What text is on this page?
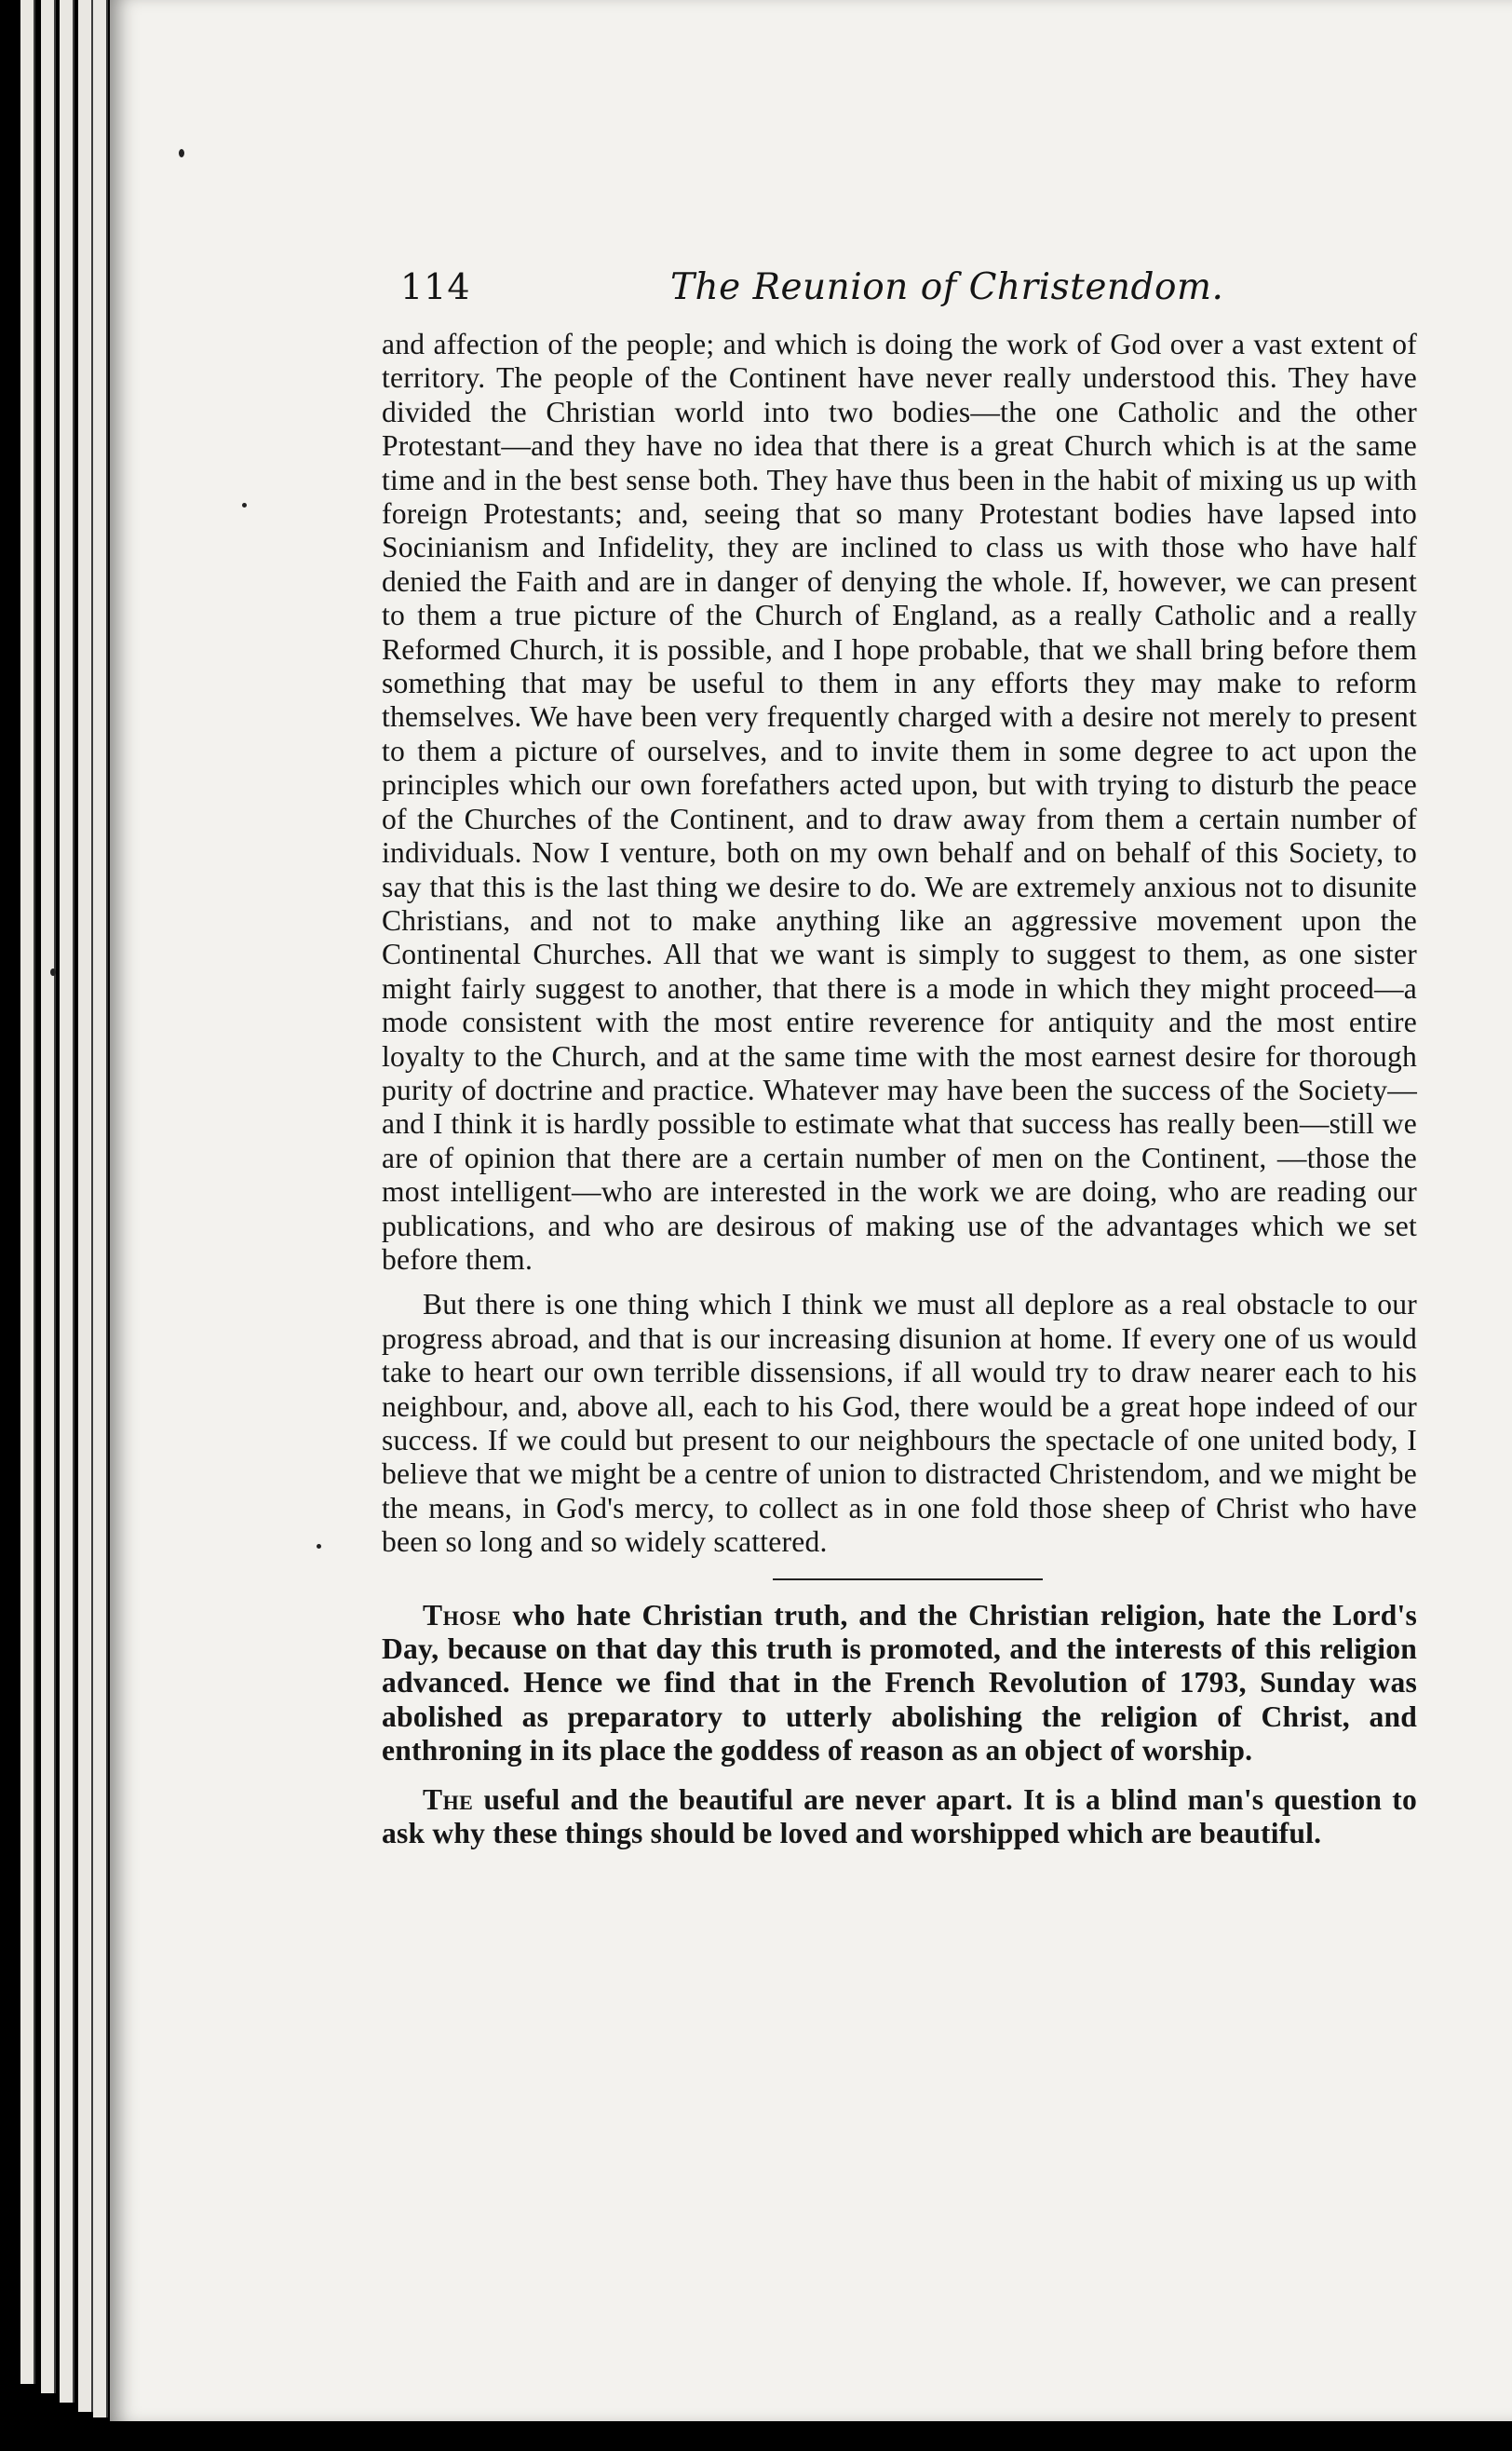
114	The Reunion of Christendom.

and affection of the people; and which is doing the work of God over a vast extent of territory. The people of the Continent have never really understood this. They have divided the Christian world into two bodies—the one Catholic and the other Protestant—and they have no idea that there is a great Church which is at the same time and in the best sense both. They have thus been in the habit of mixing us up with foreign Protestants; and, seeing that so many Protestant bodies have lapsed into Socinianism and Infidelity, they are inclined to class us with those who have half denied the Faith and are in danger of denying the whole. If, however, we can present to them a true picture of the Church of England, as a really Catholic and a really Reformed Church, it is possible, and I hope probable, that we shall bring before them something that may be useful to them in any efforts they may make to reform themselves. We have been very frequently charged with a desire not merely to present to them a picture of ourselves, and to invite them in some degree to act upon the principles which our own forefathers acted upon, but with trying to disturb the peace of the Churches of the Continent, and to draw away from them a certain number of individuals. Now I venture, both on my own behalf and on behalf of this Society, to say that this is the last thing we desire to do. We are extremely anxious not to disunite Christians, and not to make anything like an aggressive movement upon the Continental Churches. All that we want is simply to suggest to them, as one sister might fairly suggest to another, that there is a mode in which they might proceed—a mode consistent with the most entire reverence for antiquity and the most entire loyalty to the Church, and at the same time with the most earnest desire for thorough purity of doctrine and practice. Whatever may have been the success of the Society—and I think it is hardly possible to estimate what that success has really been—still we are of opinion that there are a certain number of men on the Continent, —those the most intelligent—who are interested in the work we are doing, who are reading our publications, and who are desirous of making use of the advantages which we set before them.

But there is one thing which I think we must all deplore as a real obstacle to our progress abroad, and that is our increasing disunion at home. If every one of us would take to heart our own terrible dissensions, if all would try to draw nearer each to his neighbour, and, above all, each to his God, there would be a great hope indeed of our success. If we could but present to our neighbours the spectacle of one united body, I believe that we might be a centre of union to distracted Christendom, and we might be the means, in God's mercy, to collect as in one fold those sheep of Christ who have been so long and so widely scattered.

Those who hate Christian truth, and the Christian religion, hate the Lord's Day, because on that day this truth is promoted, and the interests of this religion advanced. Hence we find that in the French Revolution of 1793, Sunday was abolished as preparatory to utterly abolishing the religion of Christ, and enthroning in its place the goddess of reason as an object of worship.

The useful and the beautiful are never apart. It is a blind man's question to ask why these things should be loved and worshipped which are beautiful.
